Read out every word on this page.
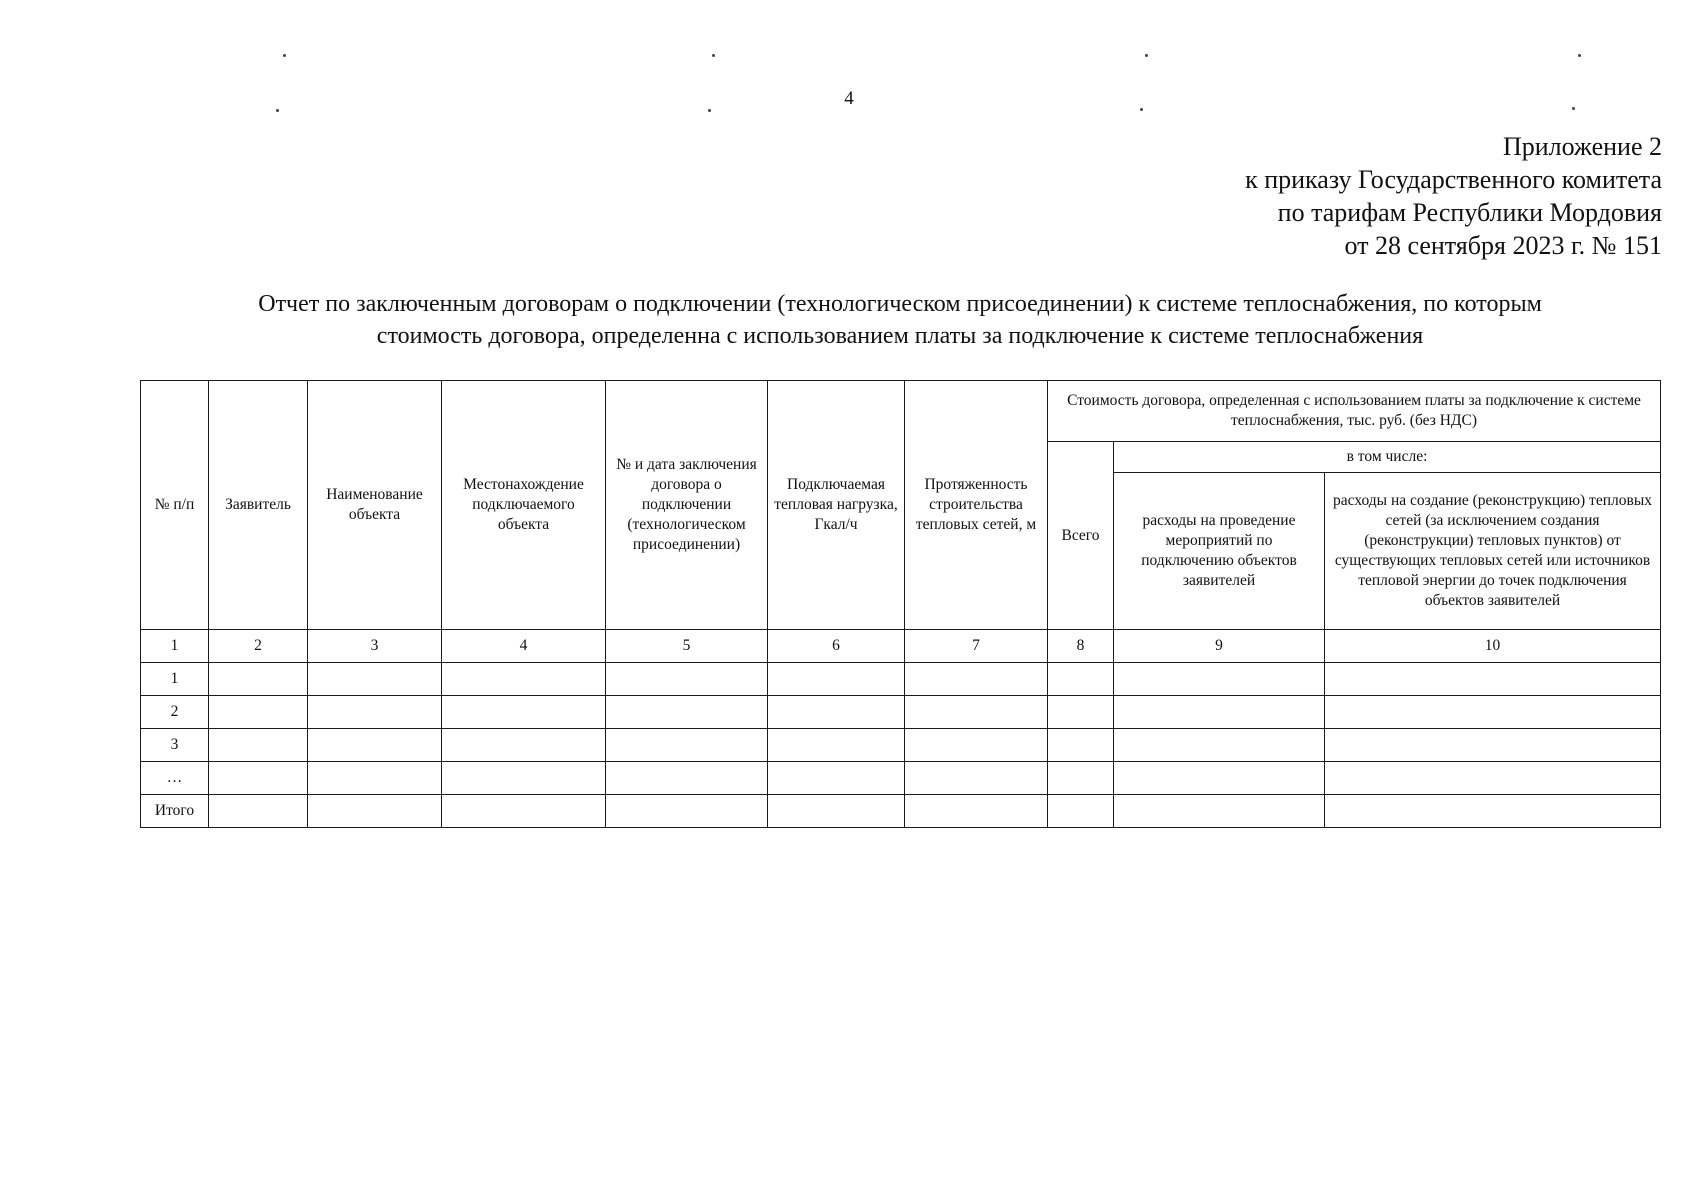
4
Приложение 2
к приказу Государственного комитета
по тарифам Республики Мордовия
от 28 сентября 2023 г. № 151
Отчет по заключенным договорам о подключении (технологическом присоединении) к системе теплоснабжения, по которым
стоимость договора, определенна с использованием платы за подключение к системе теплоснабжения
№ п/п	Заявитель	Наименование объекта	Местонахождение подключаемого объекта	№ и дата заключения договора о подключении (технологическом присоединении)	Подключаемая тепловая нагрузка, Гкал/ч	Протяженность строительства тепловых сетей, м	Стоимость договора, определенная с использованием платы за подключение к системе теплоснабжения, тыс. руб. (без НДС)		
							Всего	в том числе:	
								расходы на проведение мероприятий по подключению объектов заявителей	расходы на создание (реконструкцию) тепловых сетей (за исключением создания (реконструкции) тепловых пунктов) от существующих тепловых сетей или источников тепловой энергии до точек подключения объектов заявителей
1	2	3	4	5	6	7	8	9	10
1									
2									
3									
…									
Итого									
